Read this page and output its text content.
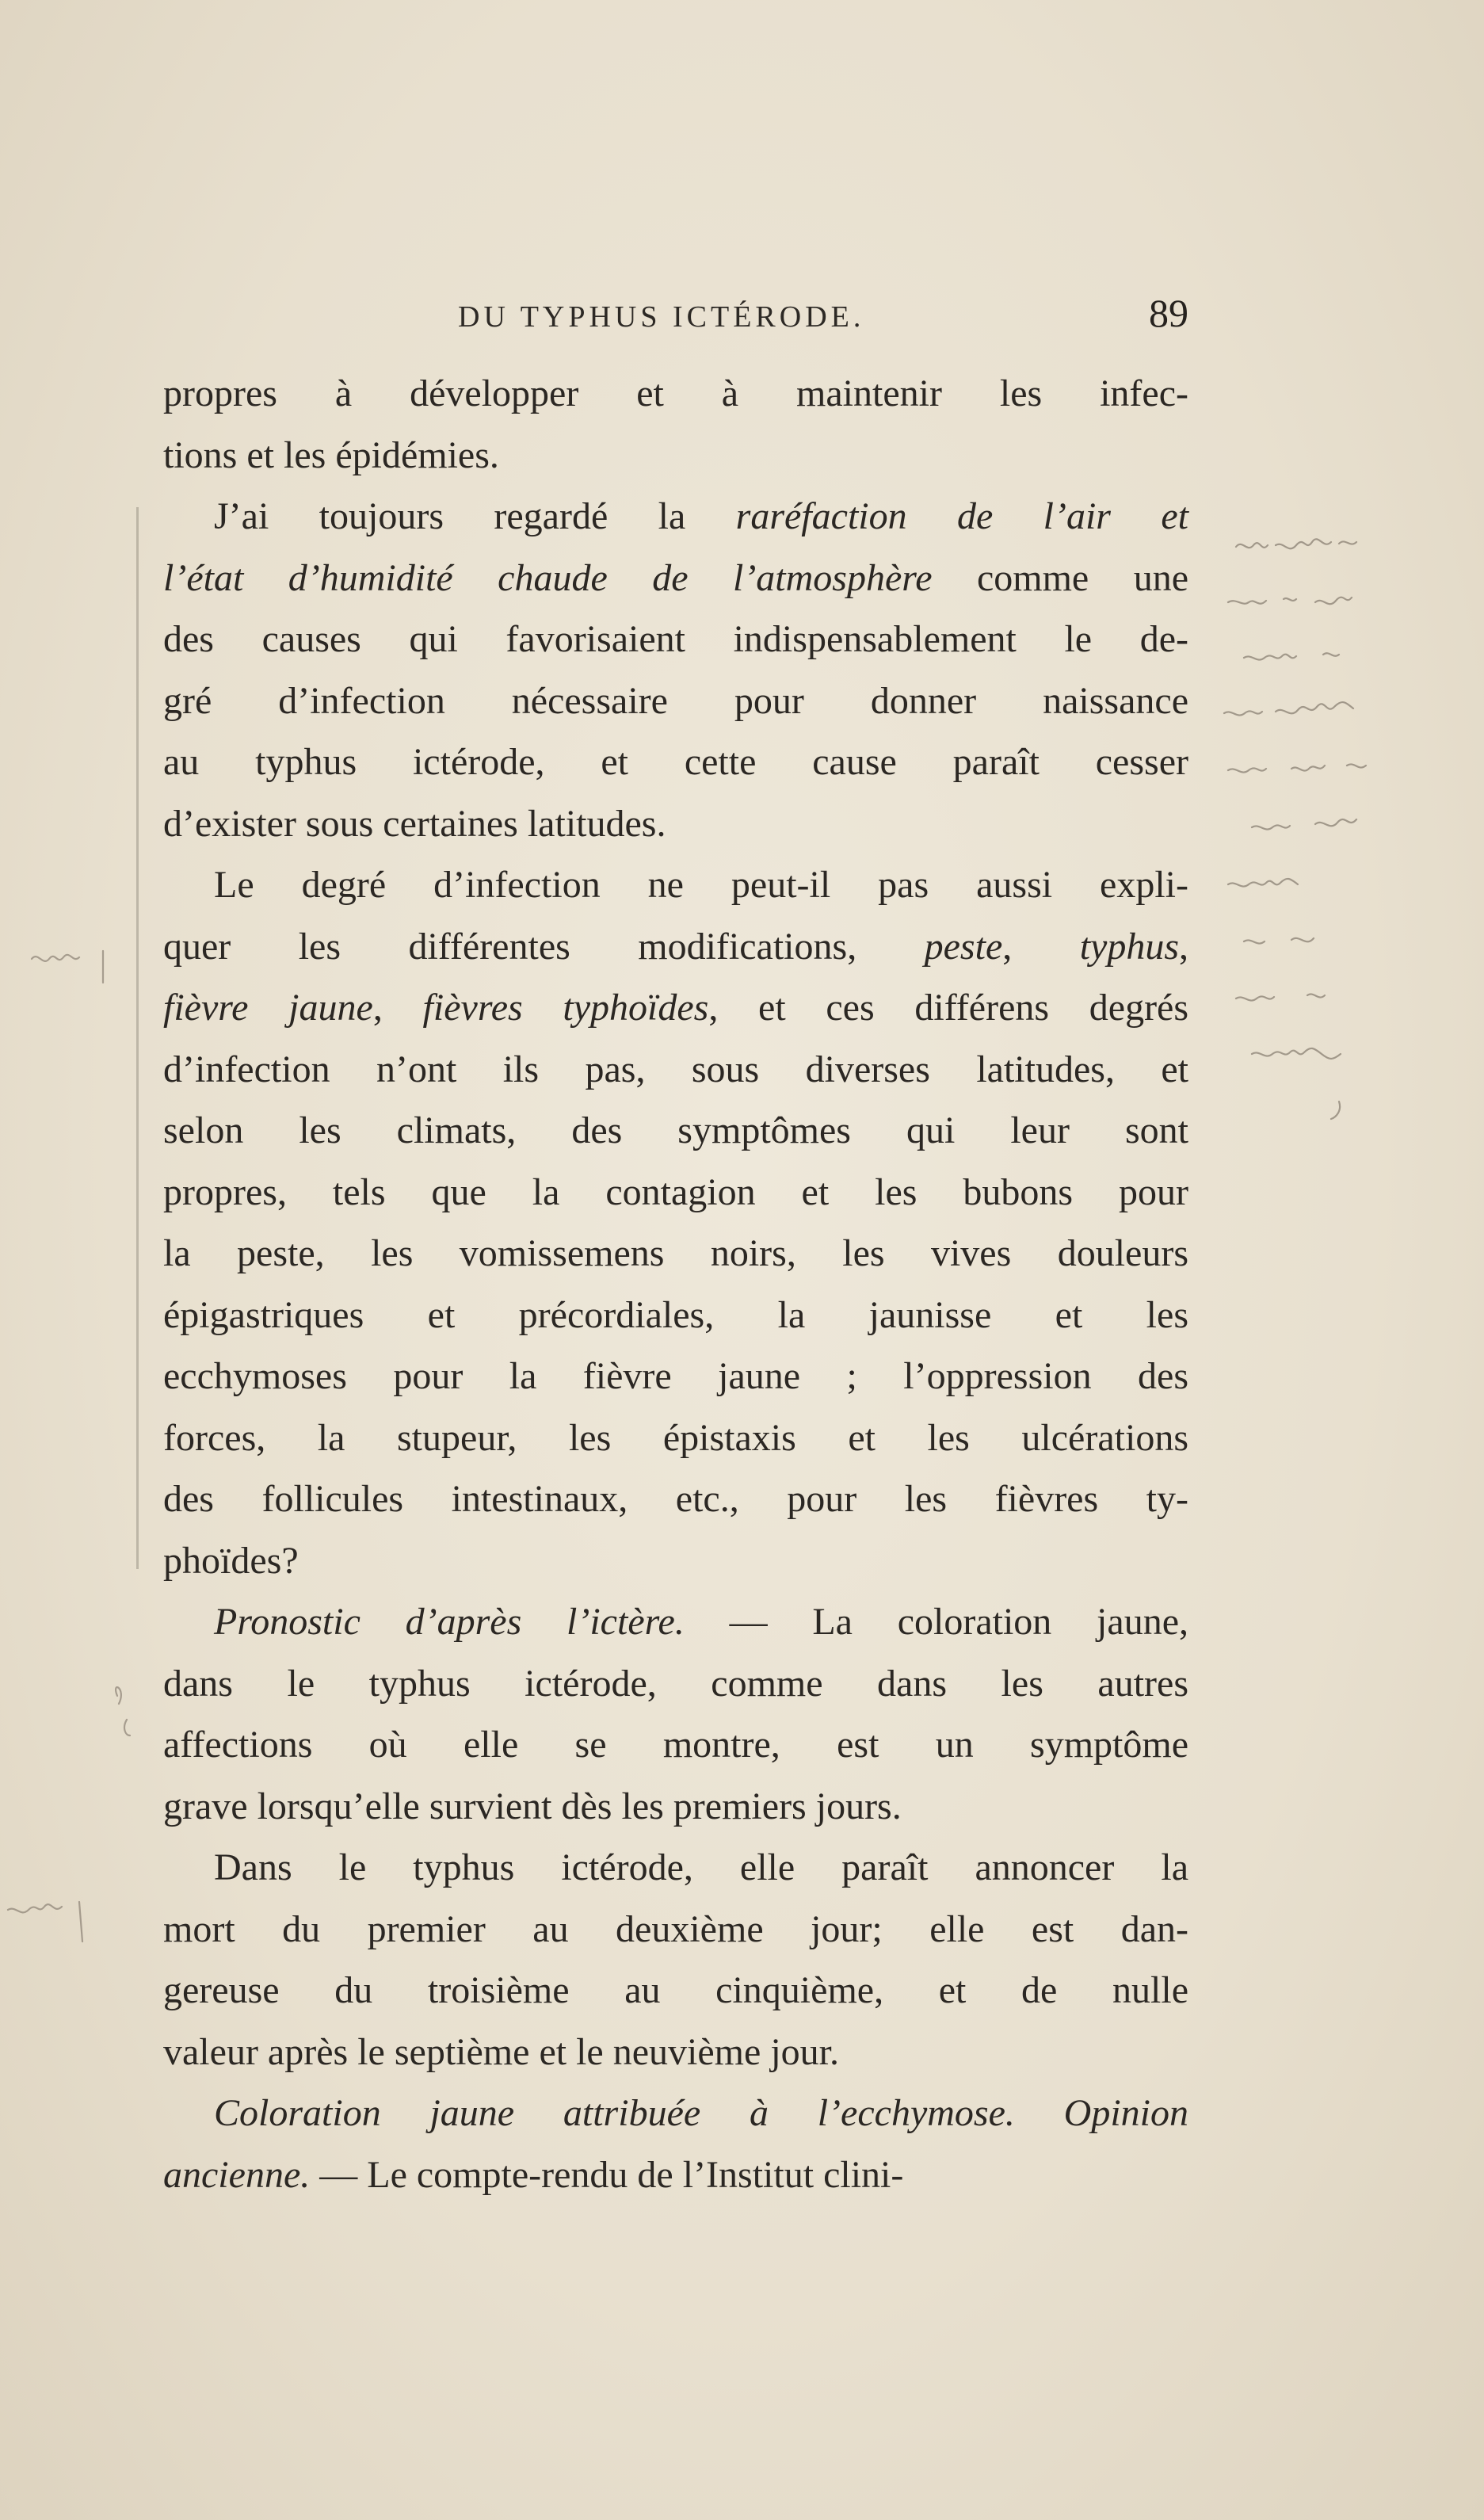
DU TYPHUS ICTÉRODE.	89
propres à développer et à maintenir les infec-
tions et les épidémies.
J’ai toujours regardé la raréfaction de l’air et
l’état d’humidité chaude de l’atmosphère comme une
des causes qui favorisaient indispensablement le de-
gré d’infection nécessaire pour donner naissance
au typhus ictérode, et cette cause paraît cesser
d’exister sous certaines latitudes.
Le degré d’infection ne peut-il pas aussi expli-
quer les différentes modifications, peste, typhus,
fièvre jaune, fièvres typhoïdes, et ces différens degrés
d’infection n’ont ils pas, sous diverses latitudes, et
selon les climats, des symptômes qui leur sont
propres, tels que la contagion et les bubons pour
la peste, les vomissemens noirs, les vives douleurs
épigastriques et précordiales, la jaunisse et les
ecchymoses pour la fièvre jaune ; l’oppression des
forces, la stupeur, les épistaxis et les ulcérations
des follicules intestinaux, etc., pour les fièvres ty-
phoïdes?
Pronostic d’après l’ictère. — La coloration jaune,
dans le typhus ictérode, comme dans les autres
affections où elle se montre, est un symptôme
grave lorsqu’elle survient dès les premiers jours.
Dans le typhus ictérode, elle paraît annoncer la
mort du premier au deuxième jour; elle est dan-
gereuse du troisième au cinquième, et de nulle
valeur après le septième et le neuvième jour.
Coloration jaune attribuée à l’ecchymose. Opinion
ancienne. — Le compte-rendu de l’Institut clini-
